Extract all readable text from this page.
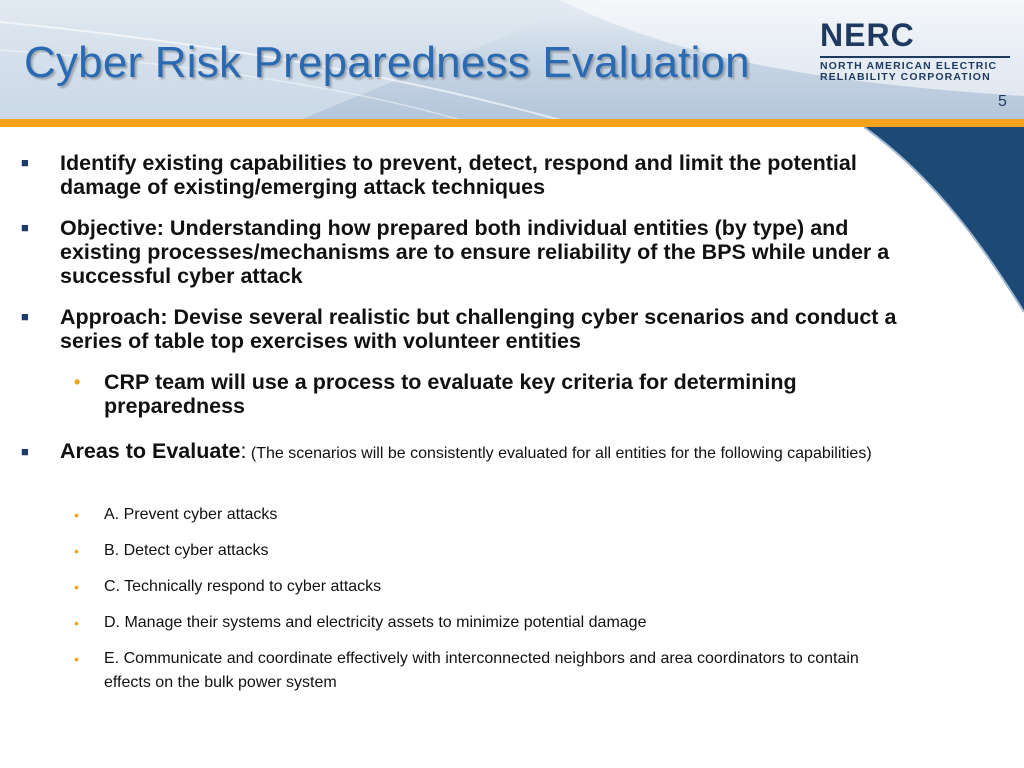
Cyber Risk Preparedness Evaluation
NERC
NORTH AMERICAN ELECTRIC
RELIABILITY CORPORATION
5
■ Identify existing capabilities to prevent, detect, respond and limit the potential damage of existing/emerging attack techniques
■ Objective: Understanding how prepared both individual entities (by type) and existing processes/mechanisms are to ensure reliability of the BPS while under a successful cyber attack
■ Approach: Devise several realistic but challenging cyber scenarios and conduct a series of table top exercises with volunteer entities
• CRP team will use a process to evaluate key criteria for determining preparedness
■ Areas to Evaluate: (The scenarios will be consistently evaluated for all entities for the following capabilities)
• A. Prevent cyber attacks
• B. Detect cyber attacks
• C. Technically respond to cyber attacks
• D. Manage their systems and electricity assets to minimize potential damage
• E. Communicate and coordinate effectively with interconnected neighbors and area coordinators to contain effects on the bulk power system
